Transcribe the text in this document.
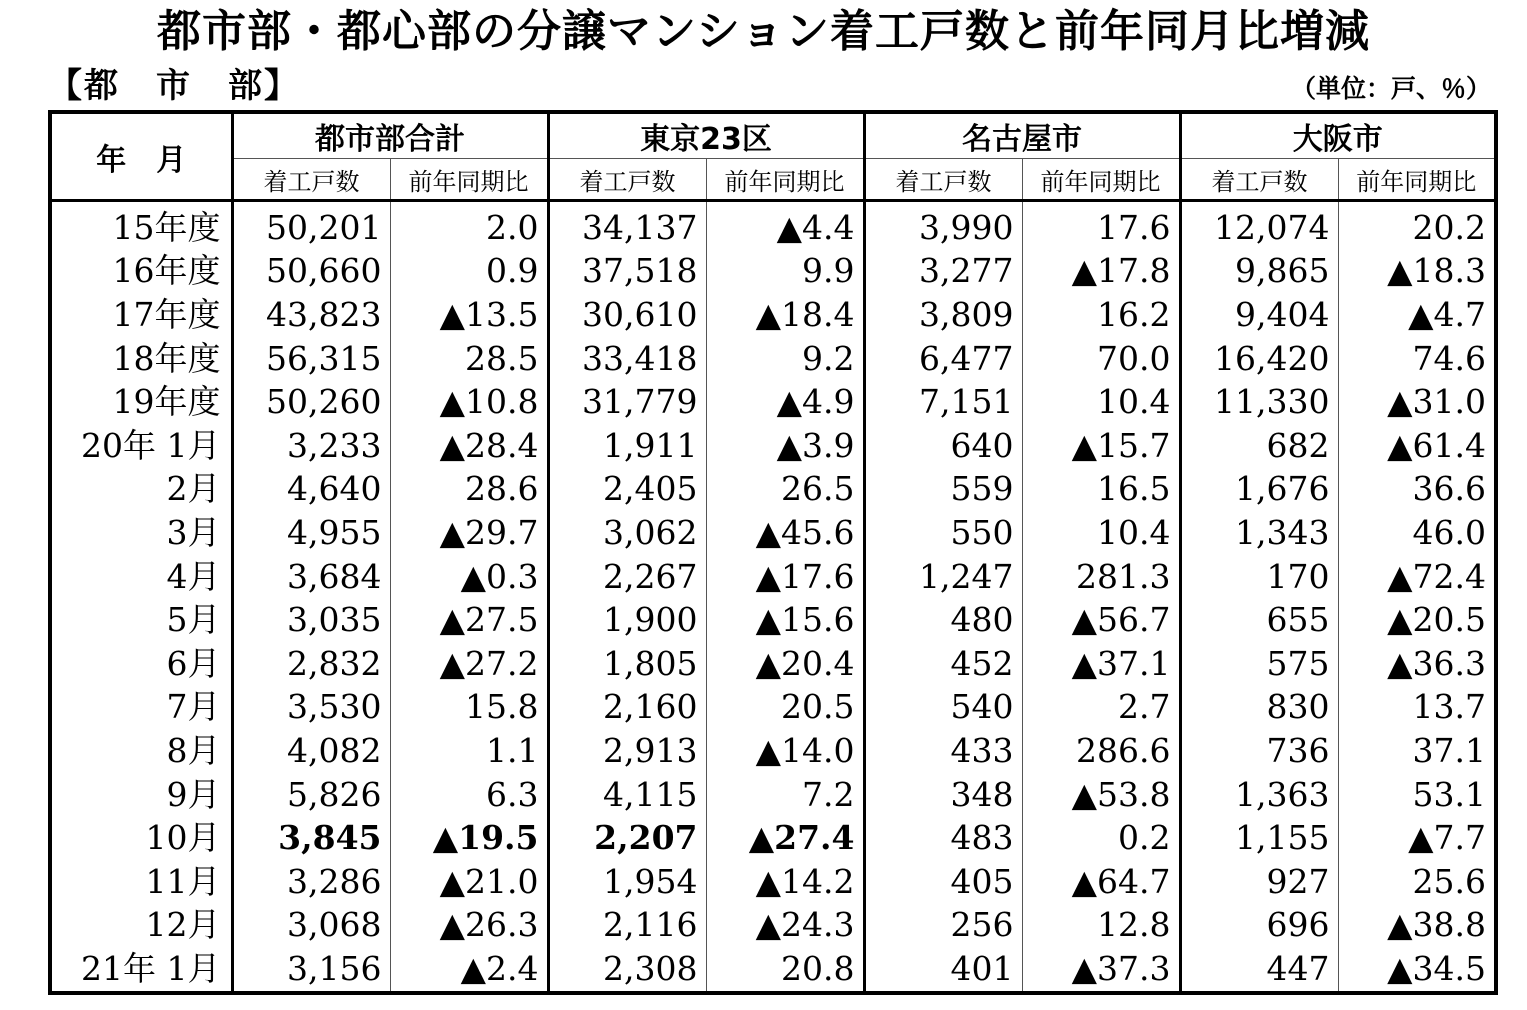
都市部・都心部の分譲マンション着工戸数と前年同月比増減
【都　市　部】	（単位：戸、％）
年　月	都市部合計		東京23区		名古屋市		大阪市	
	着工戸数	前年同期比	着工戸数	前年同期比	着工戸数	前年同期比	着工戸数	前年同期比
15年度	50,201	2.0	34,137	▲4.4	3,990	17.6	12,074	20.2
16年度	50,660	0.9	37,518	9.9	3,277	▲17.8	9,865	▲18.3
17年度	43,823	▲13.5	30,610	▲18.4	3,809	16.2	9,404	▲4.7
18年度	56,315	28.5	33,418	9.2	6,477	70.0	16,420	74.6
19年度	50,260	▲10.8	31,779	▲4.9	7,151	10.4	11,330	▲31.0
20年 1月	3,233	▲28.4	1,911	▲3.9	640	▲15.7	682	▲61.4
2月	4,640	28.6	2,405	26.5	559	16.5	1,676	36.6
3月	4,955	▲29.7	3,062	▲45.6	550	10.4	1,343	46.0
4月	3,684	▲0.3	2,267	▲17.6	1,247	281.3	170	▲72.4
5月	3,035	▲27.5	1,900	▲15.6	480	▲56.7	655	▲20.5
6月	2,832	▲27.2	1,805	▲20.4	452	▲37.1	575	▲36.3
7月	3,530	15.8	2,160	20.5	540	2.7	830	13.7
8月	4,082	1.1	2,913	▲14.0	433	286.6	736	37.1
9月	5,826	6.3	4,115	7.2	348	▲53.8	1,363	53.1
10月	3,845	▲19.5	2,207	▲27.4	483	0.2	1,155	▲7.7
11月	3,286	▲21.0	1,954	▲14.2	405	▲64.7	927	25.6
12月	3,068	▲26.3	2,116	▲24.3	256	12.8	696	▲38.8
21年 1月	3,156	▲2.4	2,308	20.8	401	▲37.3	447	▲34.5
